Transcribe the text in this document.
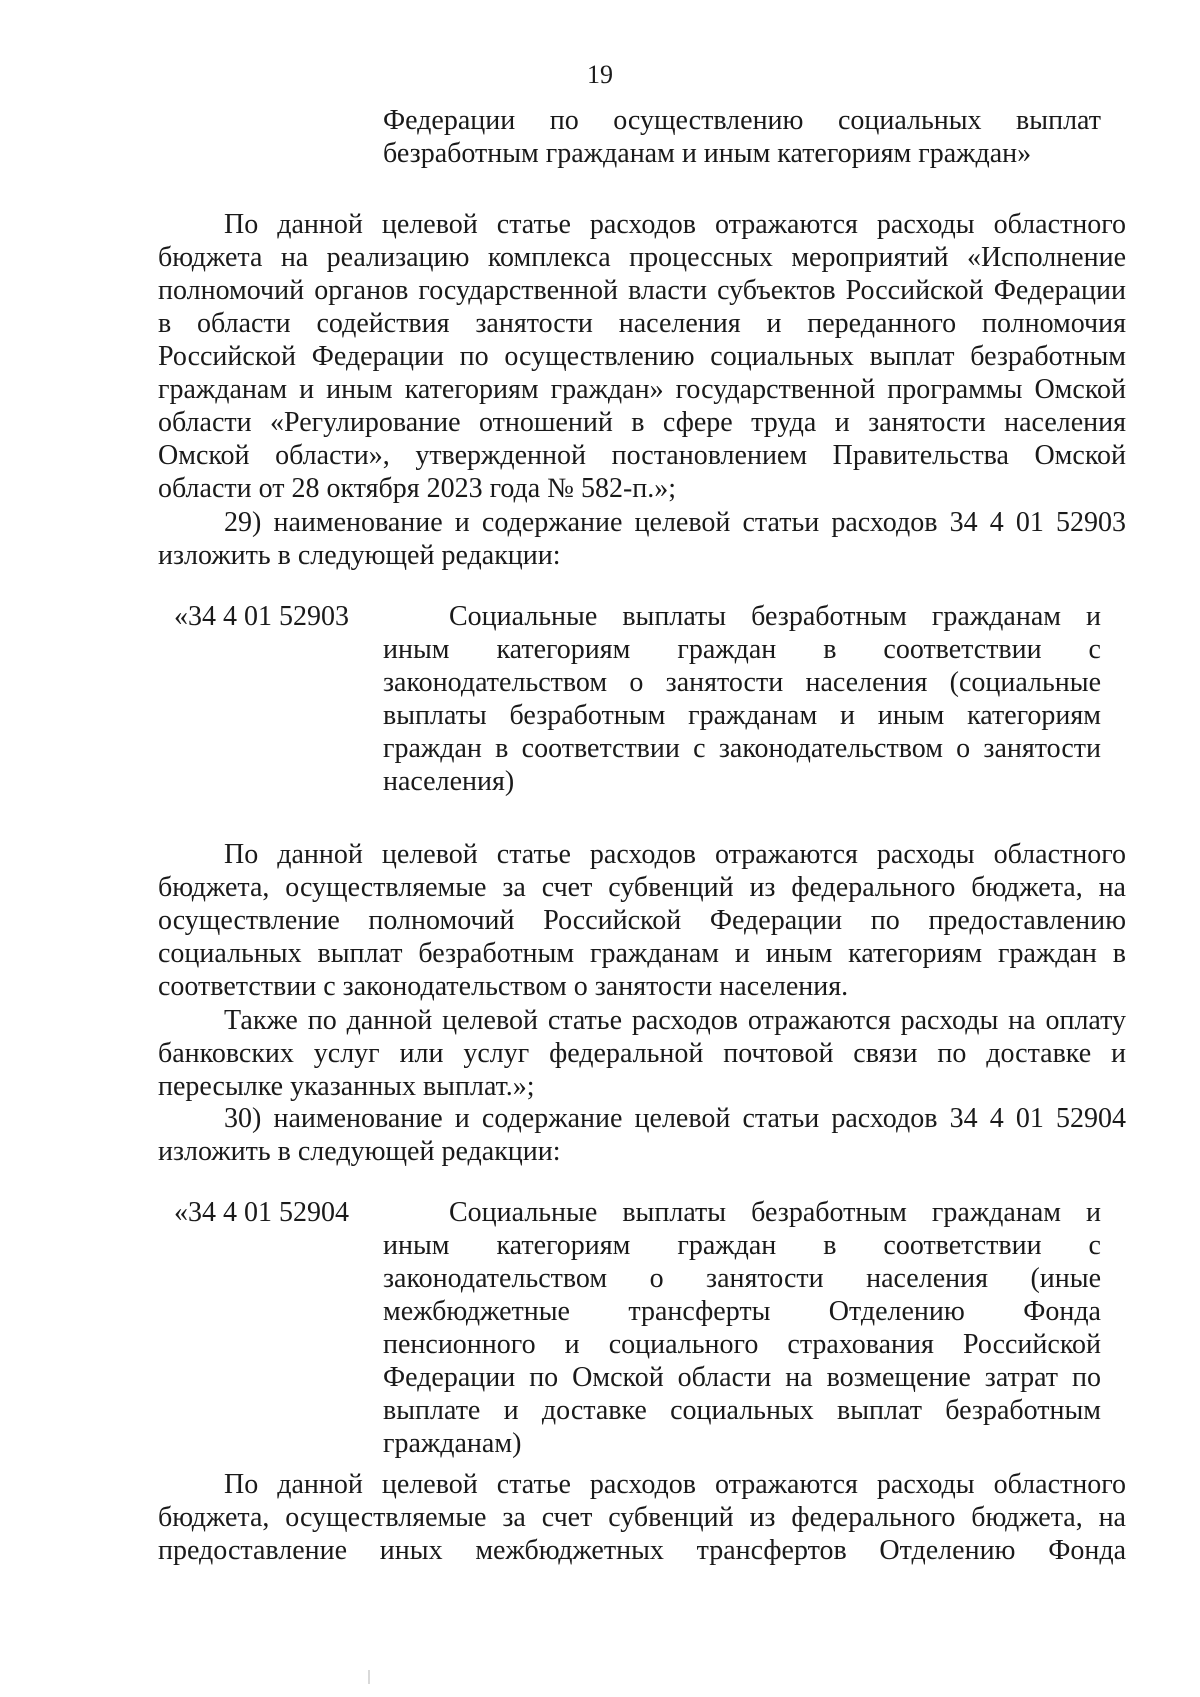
19

Федерации по осуществлению социальных выплат безработным гражданам и иным категориям граждан»

По данной целевой статье расходов отражаются расходы областного бюджета на реализацию комплекса процессных мероприятий «Исполнение полномочий органов государственной власти субъектов Российской Федерации в области содействия занятости населения и переданного полномочия Российской Федерации по осуществлению социальных выплат безработным гражданам и иным категориям граждан» государственной программы Омской области «Регулирование отношений в сфере труда и занятости населения Омской области», утвержденной постановлением Правительства Омской области от 28 октября 2023 года № 582-п.»;

29) наименование и содержание целевой статьи расходов 34 4 01 52903 изложить в следующей редакции:

«34 4 01 52903	Социальные выплаты безработным гражданам и иным категориям граждан в соответствии с законодательством о занятости населения (социальные выплаты безработным гражданам и иным категориям граждан в соответствии с законодательством о занятости населения)

По данной целевой статье расходов отражаются расходы областного бюджета, осуществляемые за счет субвенций из федерального бюджета, на осуществление полномочий Российской Федерации по предоставлению социальных выплат безработным гражданам и иным категориям граждан в соответствии с законодательством о занятости населения.

Также по данной целевой статье расходов отражаются расходы на оплату банковских услуг или услуг федеральной почтовой связи по доставке и пересылке указанных выплат.»;

30) наименование и содержание целевой статьи расходов 34 4 01 52904 изложить в следующей редакции:

«34 4 01 52904	Социальные выплаты безработным гражданам и иным категориям граждан в соответствии с законодательством о занятости населения (иные межбюджетные трансферты Отделению Фонда пенсионного и социального страхования Российской Федерации по Омской области на возмещение затрат по выплате и доставке социальных выплат безработным гражданам)

По данной целевой статье расходов отражаются расходы областного бюджета, осуществляемые за счет субвенций из федерального бюджета, на предоставление иных межбюджетных трансфертов Отделению Фонда
